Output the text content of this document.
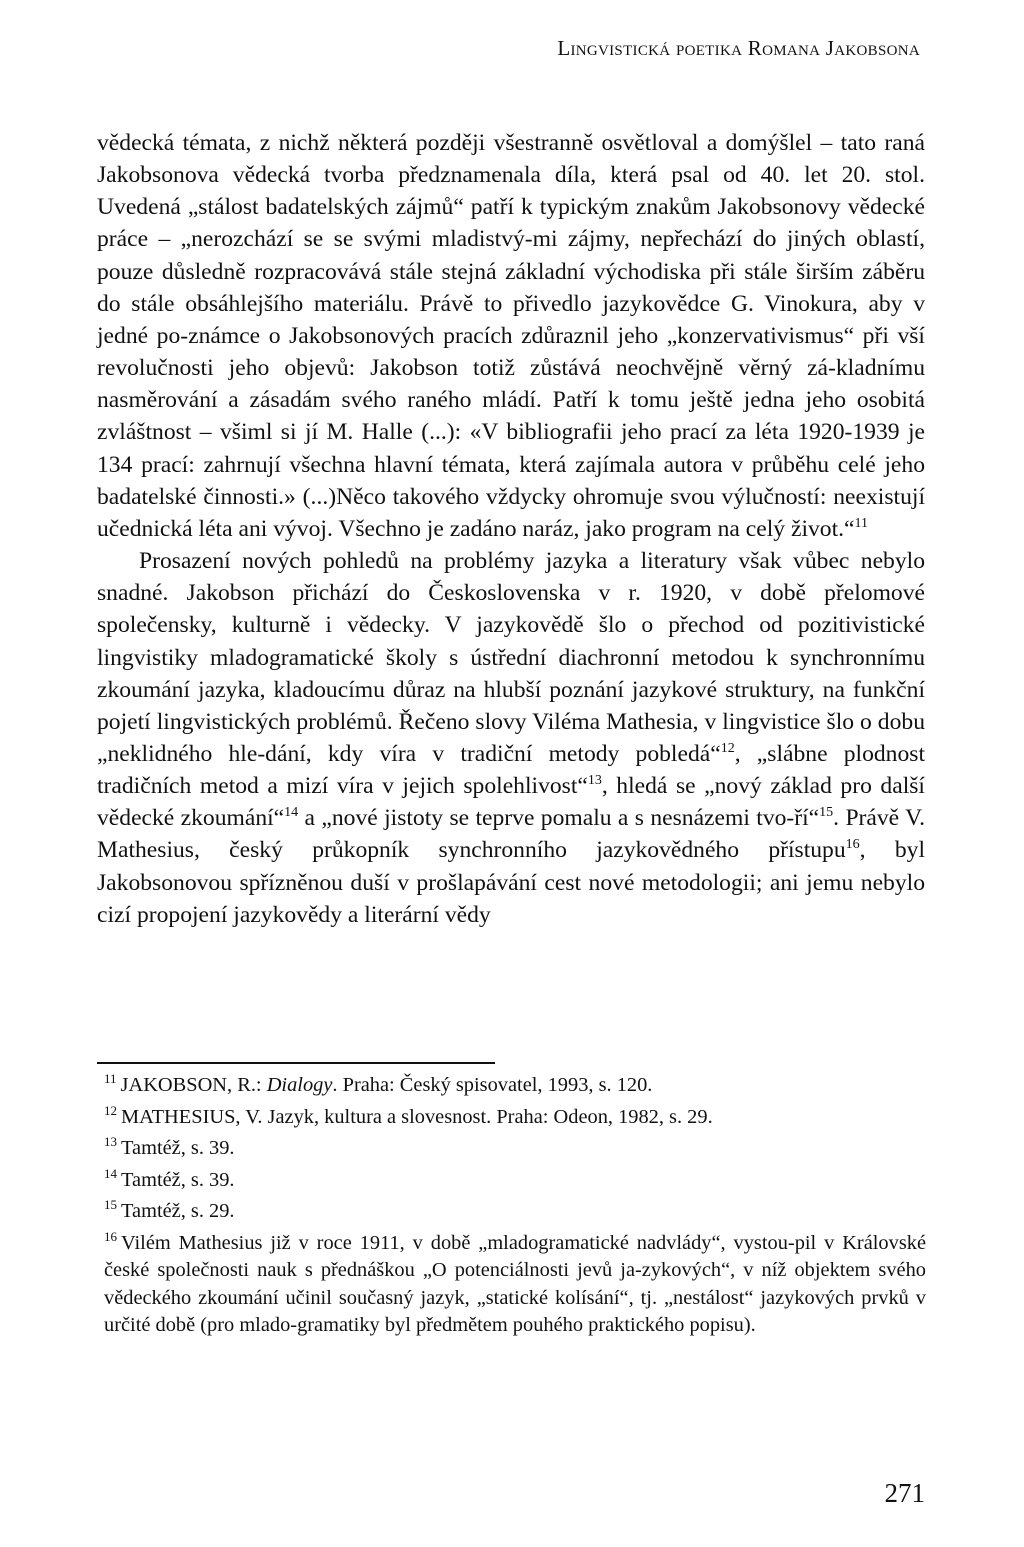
Lingvistická poetika Romana Jakobsona

vědecká témata, z nichž některá později všestranně osvětloval a domýšlel – tato raná Jakobsonova vědecká tvorba předznamenala díla, která psal od 40. let 20. stol. Uvedená „stálost badatelských zájmů“ patří k typickým znakům Jakobsonovy vědecké práce – „nerozchází se se svými mladistvý-mi zájmy, nepřechází do jiných oblastí, pouze důsledně rozpracovává stále stejná základní východiska při stále širším záběru do stále obsáhlejšího materiálu. Právě to přivedlo jazykovědce G. Vinokura, aby v jedné po-známce o Jakobsonových pracích zdůraznil jeho „konzervativismus“ při vší revolučnosti jeho objevů: Jakobson totiž zůstává neochvějně věrný zá-kladnímu nasměrování a zásadám svého raného mládí. Patří k tomu ještě jedna jeho osobitá zvláštnost – všiml si jí M. Halle (...): «V bibliografii jeho prací za léta 1920-1939 je 134 prací: zahrnují všechna hlavní témata, která zajímala autora v průběhu celé jeho badatelské činnosti.» (...)Něco takového vždycky ohromuje svou výlučností: neexistují učednická léta ani vývoj. Všechno je zadáno naráz, jako program na celý život.“$^{11}$

Prosazení nových pohledů na problémy jazyka a literatury však vůbec nebylo snadné. Jakobson přichází do Československa v r. 1920, v době přelomové společensky, kulturně i vědecky. V jazykovědě šlo o přechod od pozitivistické lingvistiky mladogramatické školy s ústřední diachronní metodou k synchronnímu zkoumání jazyka, kladoucímu důraz na hlubší poznání jazykové struktury, na funkční pojetí lingvistických problémů. Řečeno slovy Viléma Mathesia, v lingvistice šlo o dobu „neklidného hle-dání, kdy víra v tradiční metody pobledá“$^{12}$, „slábne plodnost tradičních metod a mizí víra v jejich spolehlivost“$^{13}$, hledá se „nový základ pro další vědecké zkoumání“$^{14}$ a „nové jistoty se teprve pomalu a s nesnázemi tvo-ří“$^{15}$. Právě V. Mathesius, český průkopník synchronního jazykovědného přístupu$^{16}$, byl Jakobsonovou spřízněnou duší v prošlapávání cest nové metodologii; ani jemu nebylo cizí propojení jazykovědy a literární vědy

$^{11}$ JAKOBSON, R.: Dialogy. Praha: Český spisovatel, 1993, s. 120.

$^{12}$ MATHESIUS, V. Jazyk, kultura a slovesnost. Praha: Odeon, 1982, s. 29.

$^{13}$ Tamtéž, s. 39.

$^{14}$ Tamtéž, s. 39.

$^{15}$ Tamtéž, s. 29.

$^{16}$ Vilém Mathesius již v roce 1911, v době „mladogramatické nadvlády“, vystou-pil v Královské české společnosti nauk s přednáškou „O potenciálnosti jevů ja-zykových“, v níž objektem svého vědeckého zkoumání učinil současný jazyk, „statické kolísání“, tj. „nestálost“ jazykových prvků v určité době (pro mlado-gramatiky byl předmětem pouhého praktického popisu).

271
